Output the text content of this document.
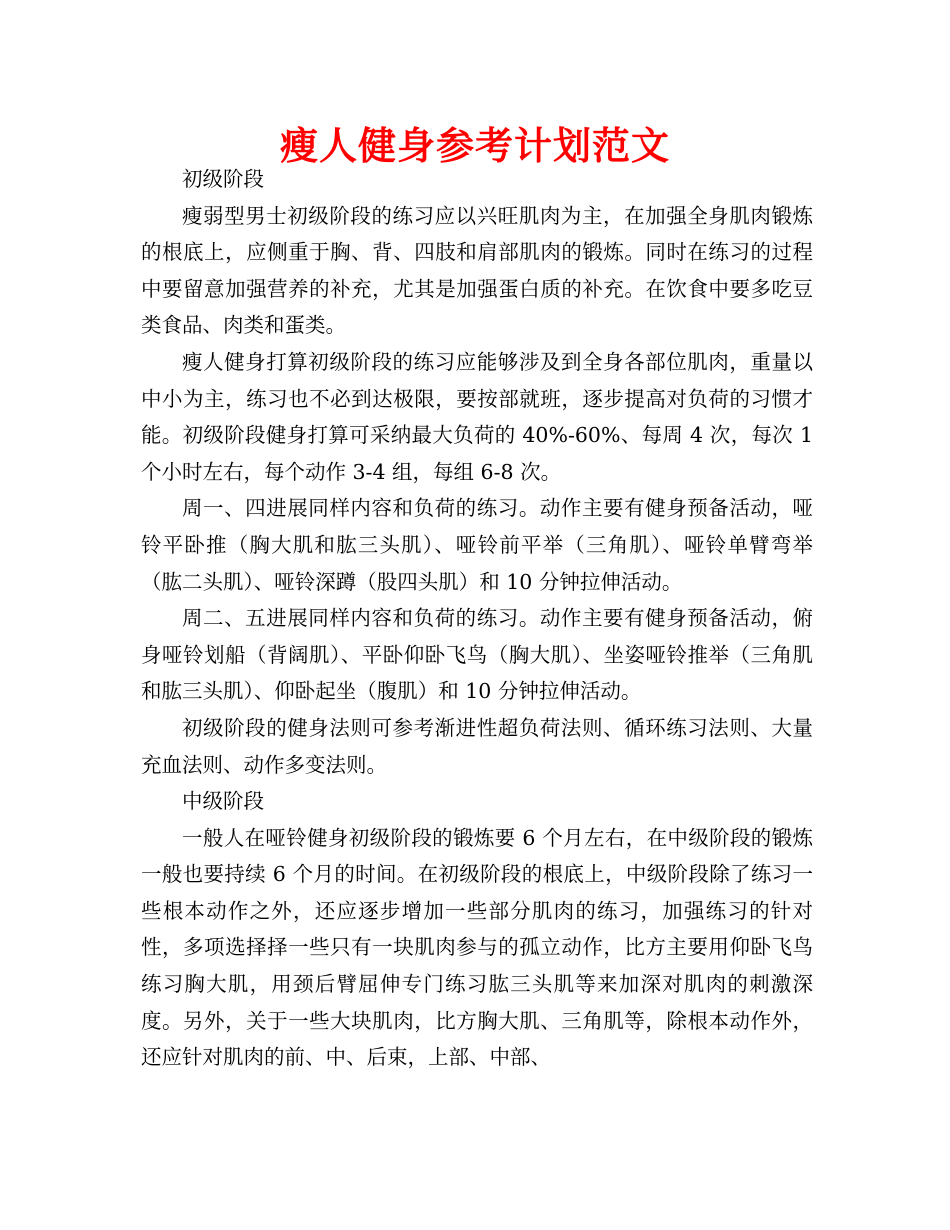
瘦人健身参考计划范文

初级阶段

瘦弱型男士初级阶段的练习应以兴旺肌肉为主，在加强全身肌肉锻炼的根底上，应侧重于胸、背、四肢和肩部肌肉的锻炼。同时在练习的过程中要留意加强营养的补充，尤其是加强蛋白质的补充。在饮食中要多吃豆类食品、肉类和蛋类。

瘦人健身打算初级阶段的练习应能够涉及到全身各部位肌肉，重量以中小为主，练习也不必到达极限，要按部就班，逐步提高对负荷的习惯才能。初级阶段健身打算可采纳最大负荷的 40%-60%、每周 4 次，每次 1 个小时左右，每个动作 3-4 组，每组 6-8 次。

周一、四进展同样内容和负荷的练习。动作主要有健身预备活动，哑铃平卧推（胸大肌和肱三头肌）、哑铃前平举（三角肌）、哑铃单臂弯举（肱二头肌）、哑铃深蹲（股四头肌）和 10 分钟拉伸活动。

周二、五进展同样内容和负荷的练习。动作主要有健身预备活动，俯身哑铃划船（背阔肌）、平卧仰卧飞鸟（胸大肌）、坐姿哑铃推举（三角肌和肱三头肌）、仰卧起坐（腹肌）和 10 分钟拉伸活动。

初级阶段的健身法则可参考渐进性超负荷法则、循环练习法则、大量充血法则、动作多变法则。

中级阶段

一般人在哑铃健身初级阶段的锻炼要 6 个月左右，在中级阶段的锻炼一般也要持续 6 个月的时间。在初级阶段的根底上，中级阶段除了练习一些根本动作之外，还应逐步增加一些部分肌肉的练习，加强练习的针对性，多项选择择一些只有一块肌肉参与的孤立动作，比方主要用仰卧飞鸟练习胸大肌，用颈后臂屈伸专门练习肱三头肌等来加深对肌肉的刺激深度。另外，关于一些大块肌肉，比方胸大肌、三角肌等，除根本动作外，还应针对肌肉的前、中、后束，上部、中部、
